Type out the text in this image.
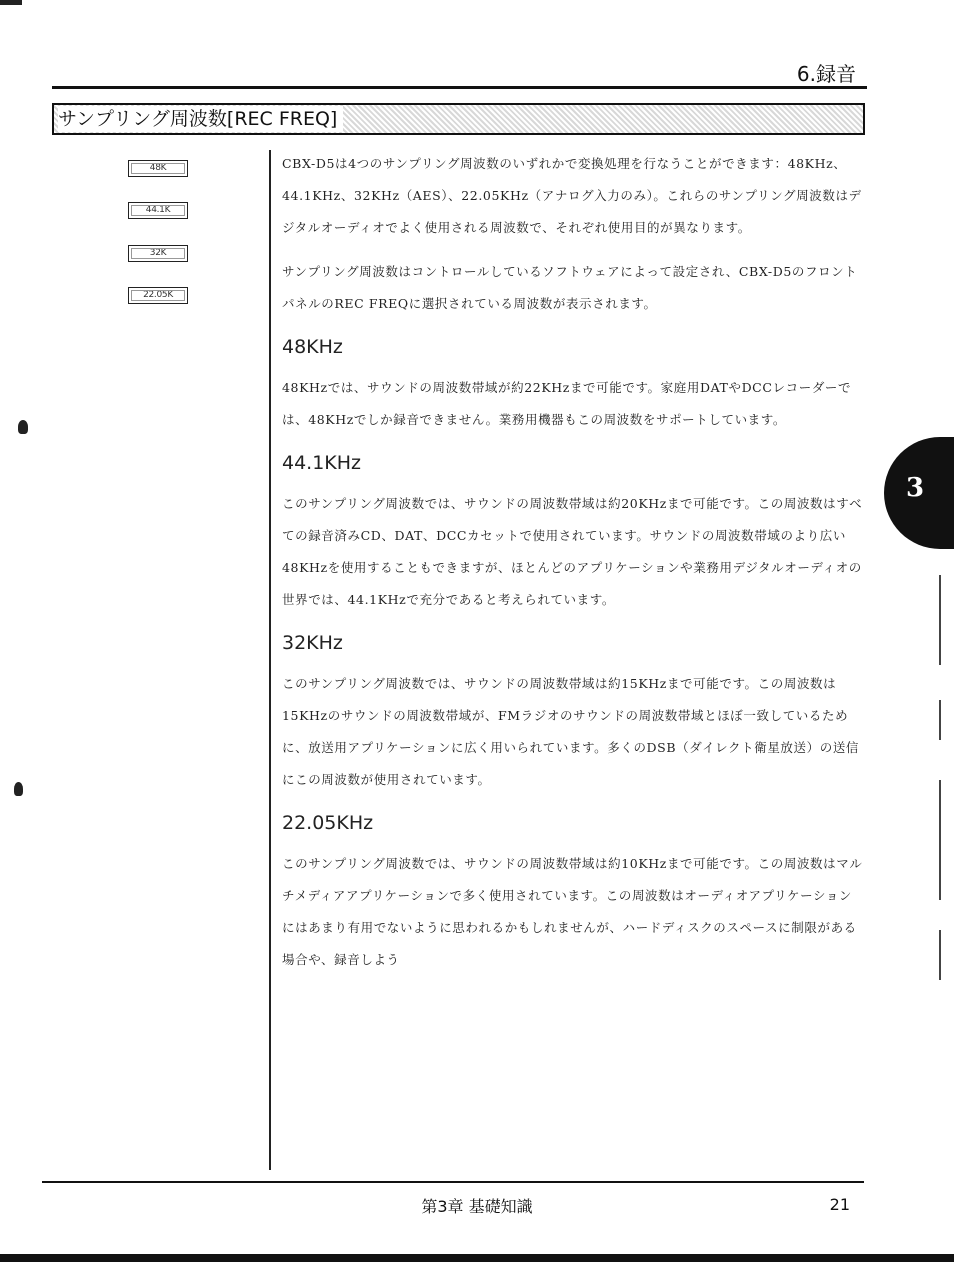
6.録音
サンプリング周波数[REC FREQ]
48K
44.1K
32K
22.05K

CBX-D5は4つのサンプリング周波数のいずれかで変換処理を行なうことができます：48KHz、44.1KHz、32KHz（AES）、22.05KHz（アナログ入力のみ）。これらのサンプリング周波数はデジタルオーディオでよく使用される周波数で、それぞれ使用目的が異なります。

サンプリング周波数はコントロールしているソフトウェアによって設定され、CBX-D5のフロントパネルのREC FREQに選択されている周波数が表示されます。

48KHz

48KHzでは、サウンドの周波数帯域が約22KHzまで可能です。家庭用DATやDCCレコーダーでは、48KHzでしか録音できません。業務用機器もこの周波数をサポートしています。

44.1KHz

このサンプリング周波数では、サウンドの周波数帯域は約20KHzまで可能です。この周波数はすべての録音済みCD、DAT、DCCカセットで使用されています。サウンドの周波数帯域のより広い48KHzを使用することもできますが、ほとんどのアプリケーションや業務用デジタルオーディオの世界では、44.1KHzで充分であると考えられています。

32KHz

このサンプリング周波数では、サウンドの周波数帯域は約15KHzまで可能です。この周波数は15KHzのサウンドの周波数帯域が、FMラジオのサウンドの周波数帯域とほぼ一致しているために、放送用アプリケーションに広く用いられています。多くのDSB（ダイレクト衛星放送）の送信にこの周波数が使用されています。

22.05KHz

このサンプリング周波数では、サウンドの周波数帯域は約10KHzまで可能です。この周波数はマルチメディアアプリケーションで多く使用されています。この周波数はオーディオアプリケーションにはあまり有用でないように思われるかもしれませんが、ハードディスクのスペースに制限がある場合や、録音しよう

3
第3章 基礎知識	21
